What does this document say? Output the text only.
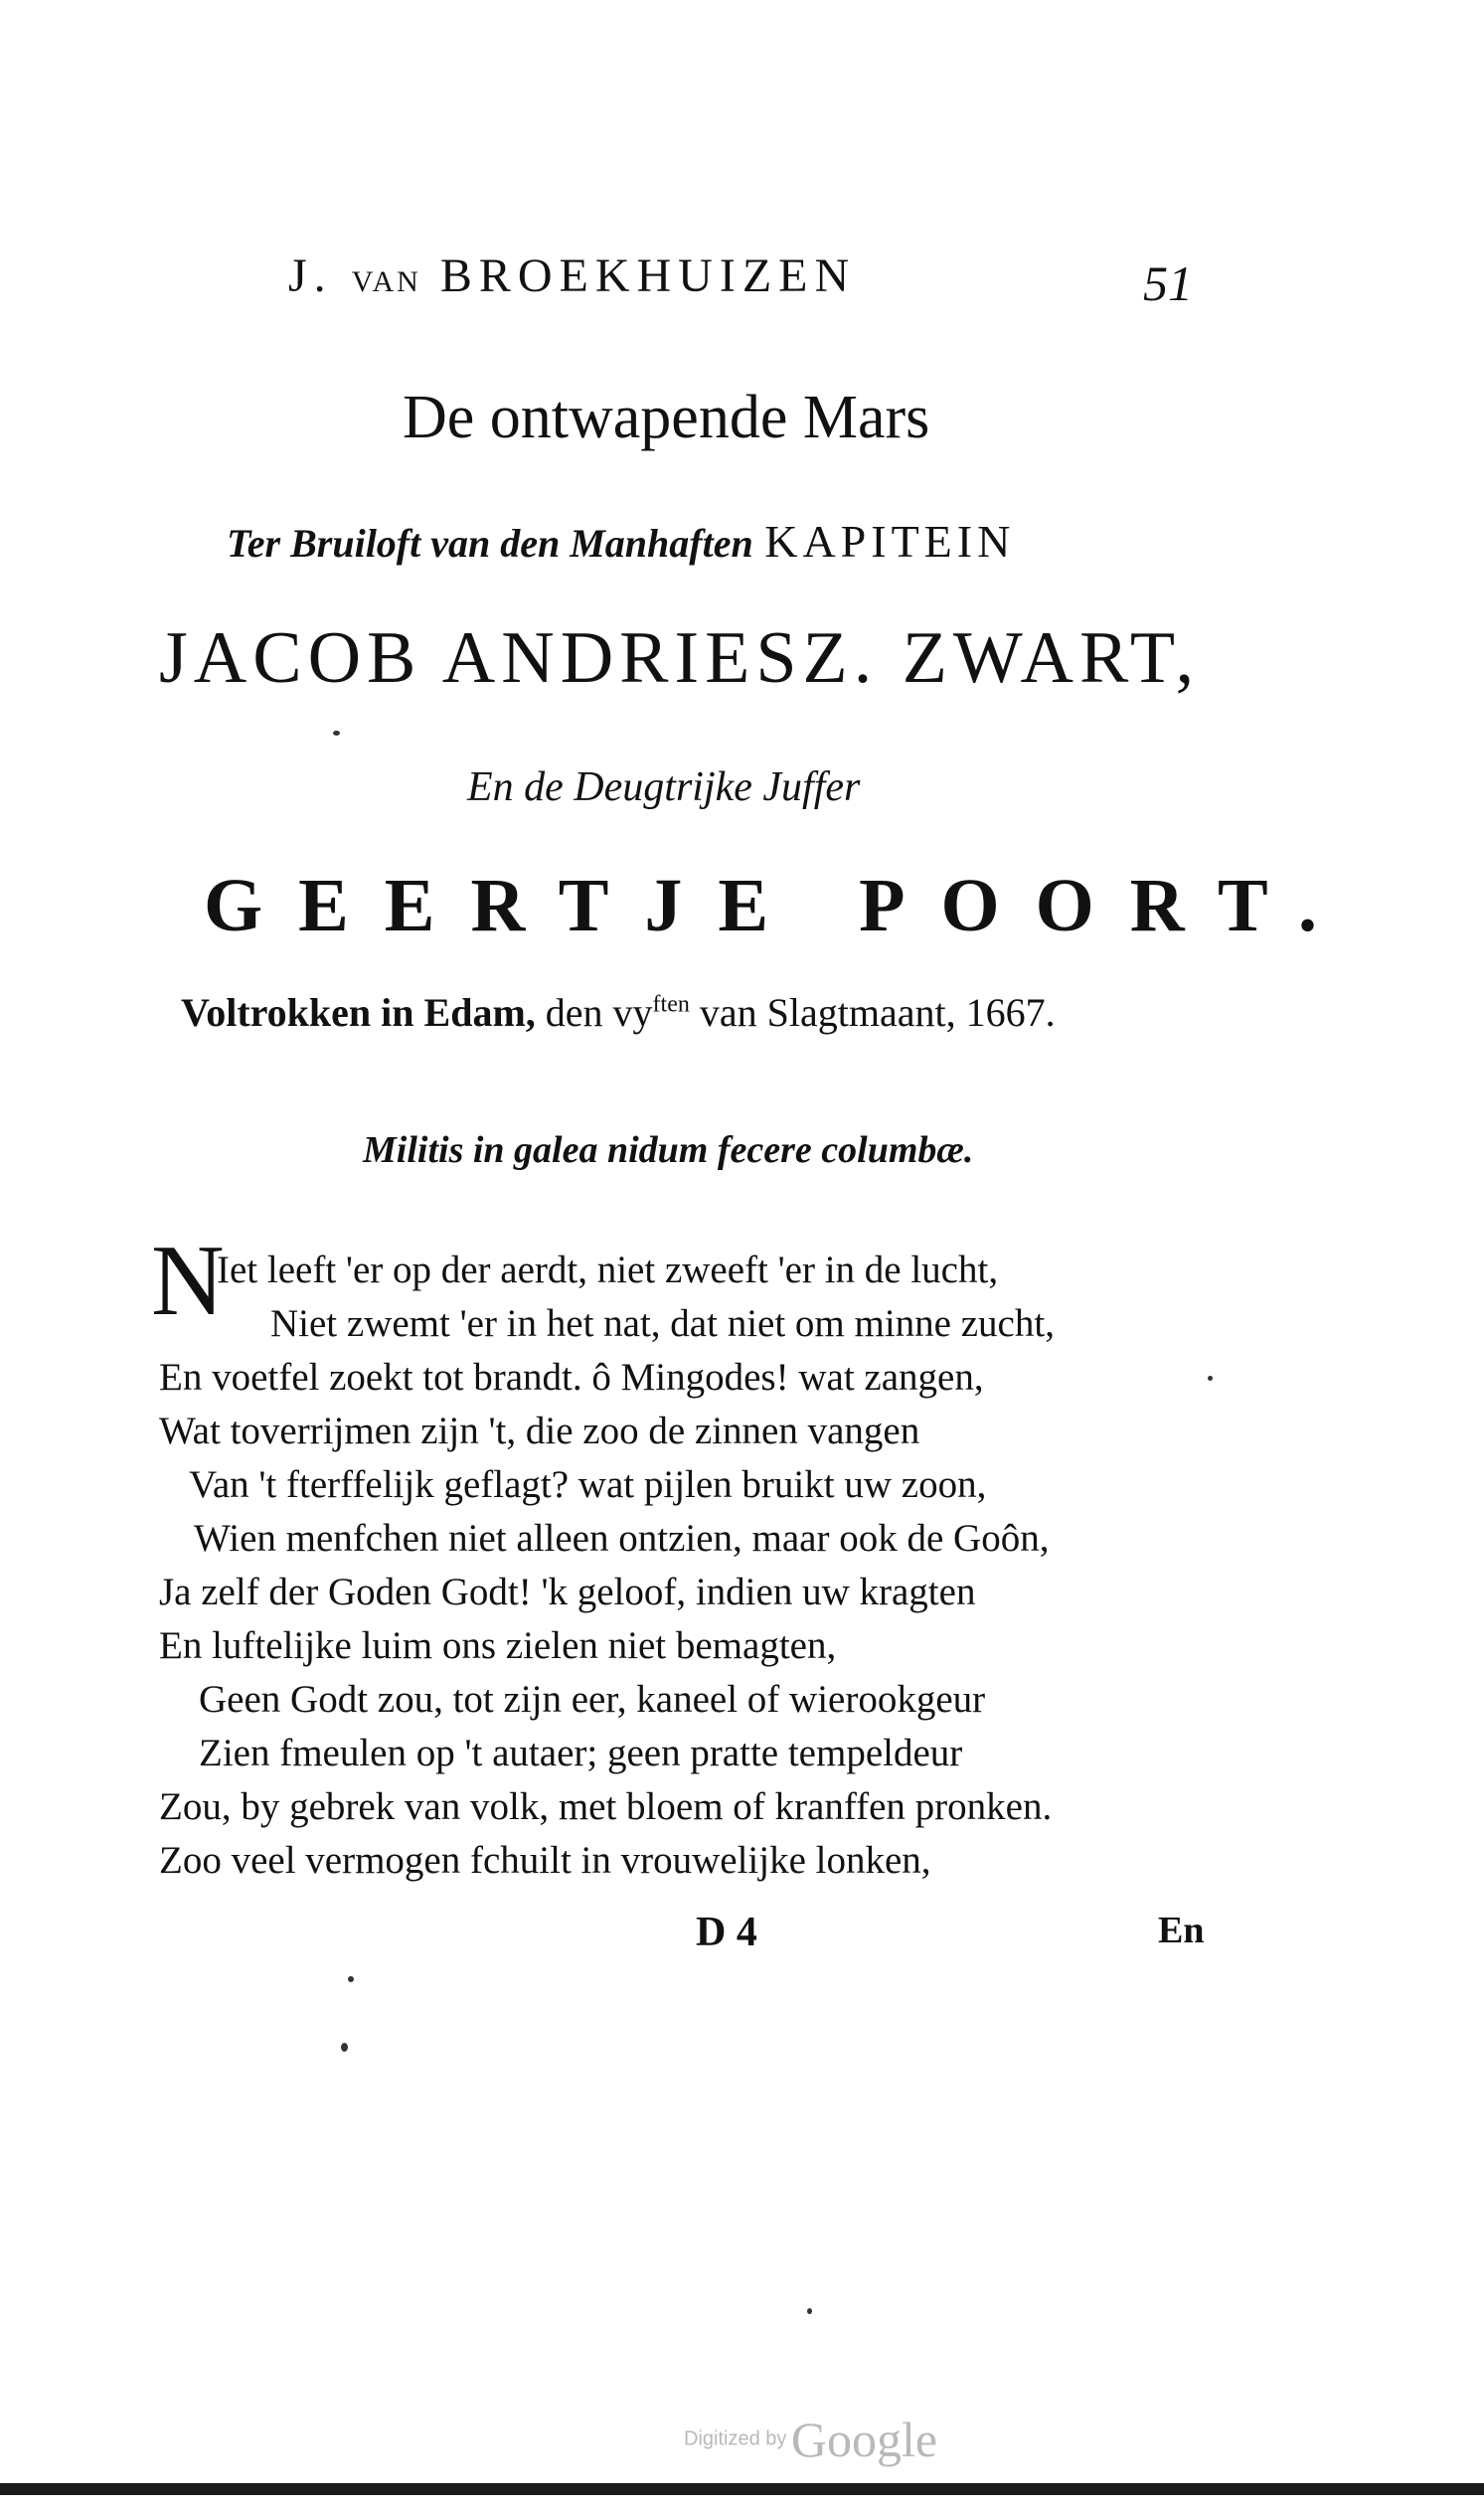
J. VAN BROEKHUIZEN	51
De ontwapende Mars
Ter Bruiloft van den Manhaften KAPITEIN
JACOB ANDRIESZ. ZWART,
En de Deugtrijke Juffer
GEERTJE POORT.
Voltrokken in Edam, den $vy^{ften}$ van Slagtmaant, 1667.
Militis in galea nidum fecere columbæ.
N
Iet leeft 'er op der aerdt, niet zweeft 'er in de lucht,
Niet zwemt 'er in het nat, dat niet om minne zucht,
En voetfel zoekt tot brandt. ô Mingodes! wat zangen,
Wat toverrijmen zijn 't, die zoo de zinnen vangen
Van 't fterffelijk geflagt? wat pijlen bruikt uw zoon,
Wien menfchen niet alleen ontzien, maar ook de Goôn,
Ja zelf der Goden Godt! 'k geloof, indien uw kragten
En luftelijke luim ons zielen niet bemagten,
Geen Godt zou, tot zijn eer, kaneel of wierookgeur
Zien fmeulen op 't autaer; geen pratte tempeldeur
Zou, by gebrek van volk, met bloem of kranffen pronken.
Zoo veel vermogen fchuilt in vrouwelijke lonken,
D 4	En
Digitized by Google
